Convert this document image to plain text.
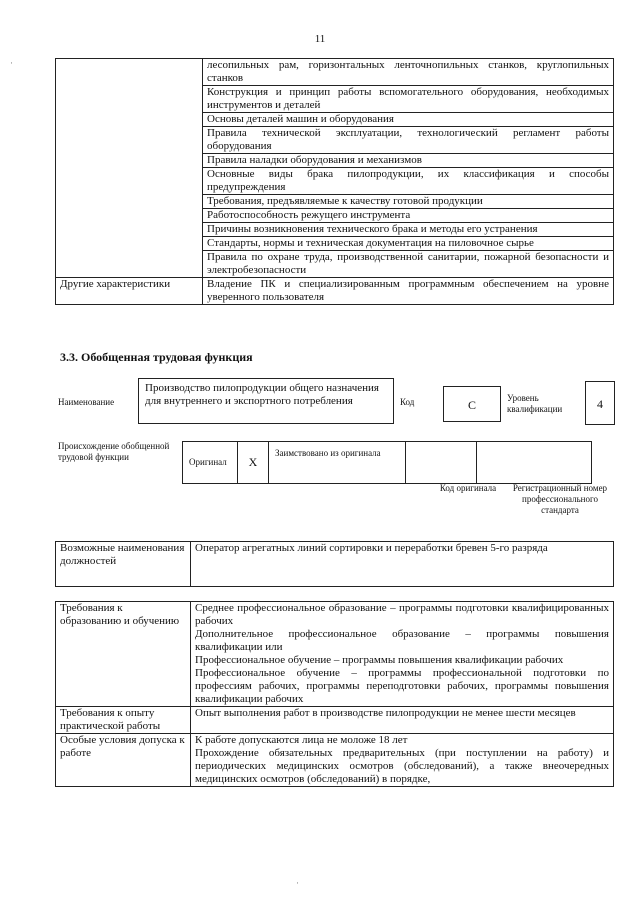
·
·
11
	лесопильных рам, горизонтальных ленточнопильных станков, круглопильных станков
	Конструкция и принцип работы вспомогательного оборудования, необходимых инструментов и деталей
	Основы деталей машин и оборудования
	Правила технической эксплуатации, технологический регламент работы оборудования
	Правила наладки оборудования и механизмов
	Основные виды брака пилопродукции, их классификация и способы предупреждения
	Требования, предъявляемые к качеству готовой продукции
	Работоспособность режущего инструмента
	Причины возникновения технического брака и методы его устранения
	Стандарты, нормы и техническая документация на пиловочное сырье
	Правила по охране труда, производственной санитарии, пожарной безопасности и электробезопасности
Другие характеристики	Владение ПК и специализированным программным обеспечением на уровне уверенного пользователя
3.3. Обобщенная трудовая функция
Наименование
Производство пилопродукции общего назначения для внутреннего и экспортного потребления	Код	C	Уровень квалификации	4
Происхождение обобщенной трудовой функции	Оригинал	X	Заимствовано из оригинала		
Код оригинала	Регистрационный номер профессионального стандарта
Возможные наименования должностей	Оператор агрегатных линий сортировки и переработки бревен 5-го разряда
Требования к образованию и обучению	Среднее профессиональное образование – программы подготовки квалифицированных рабочих
Дополнительное профессиональное образование – программы повышения квалификации или
Профессиональное обучение – программы повышения квалификации рабочих
Профессиональное обучение – программы профессиональной подготовки по профессиям рабочих, программы переподготовки рабочих, программы повышения квалификации рабочих

Требования к опыту практической работы	Опыт выполнения работ в производстве пилопродукции не менее шести месяцев
Особые условия допуска к работе	К работе допускаются лица не моложе 18 лет
Прохождение обязательных предварительных (при поступлении на работу) и периодических медицинских осмотров (обследований), а также внеочередных медицинских осмотров (обследований) в порядке,
